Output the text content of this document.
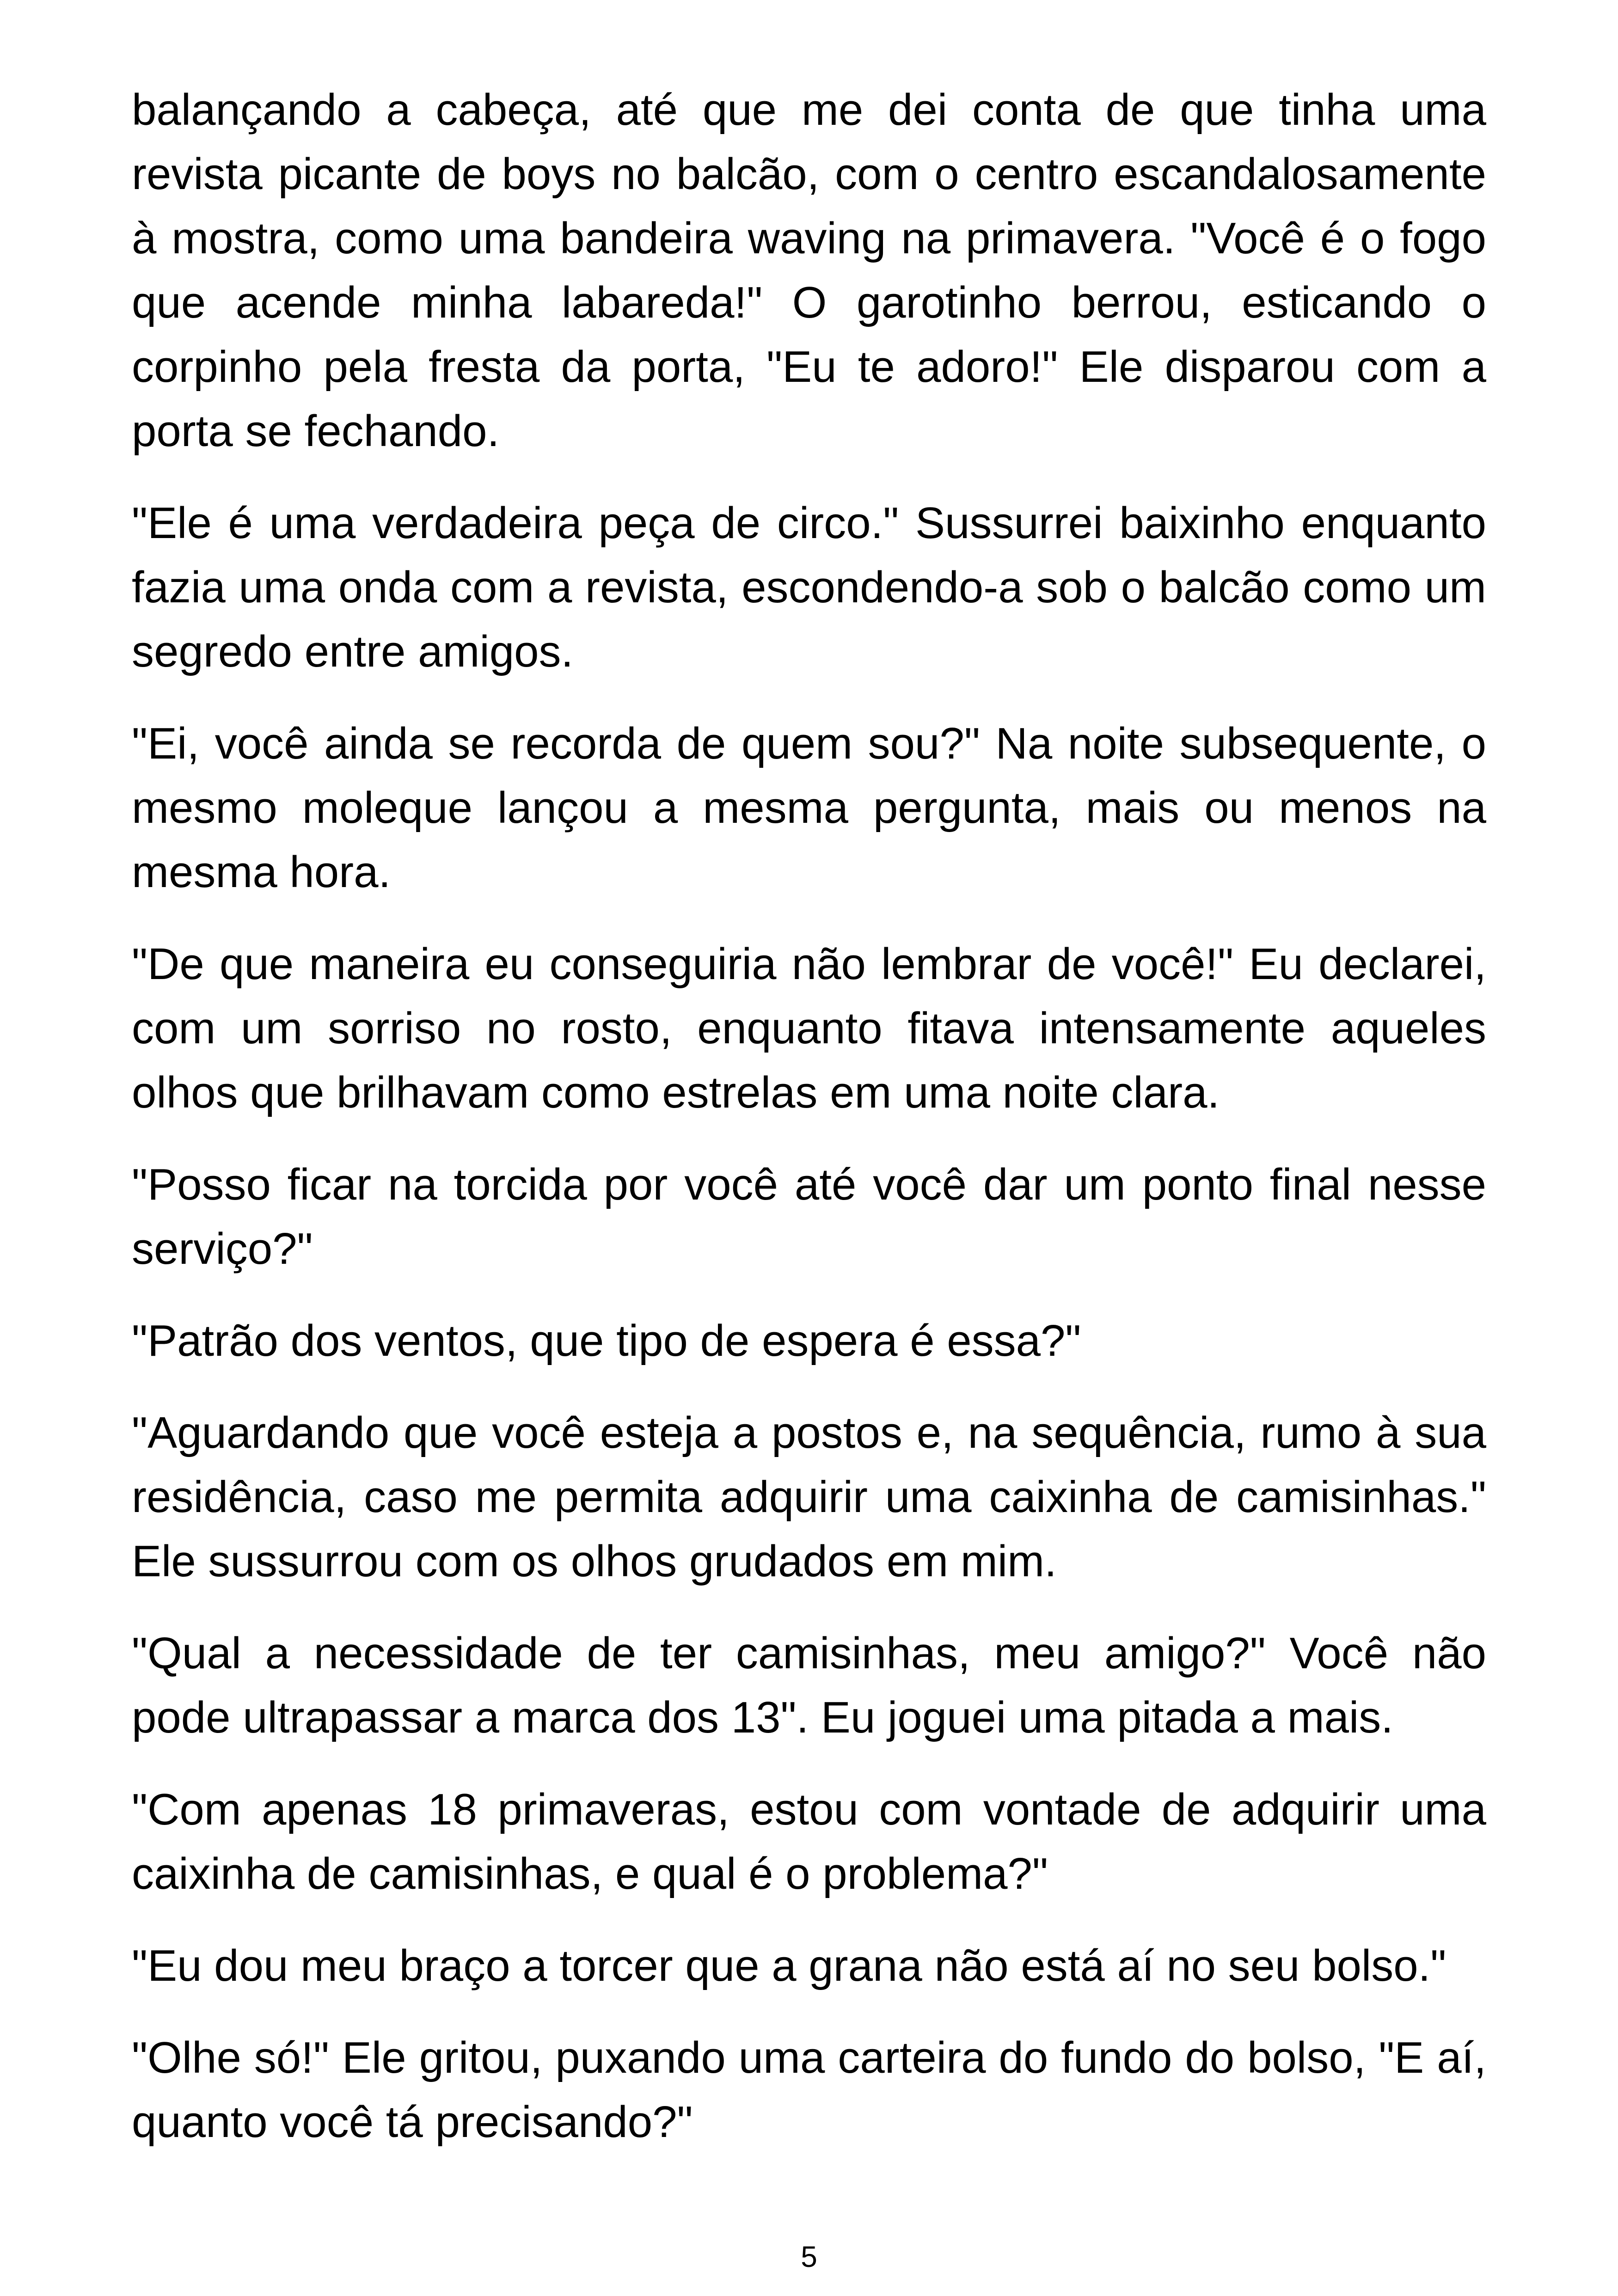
balançando a cabeça, até que me dei conta de que tinha uma revista picante de boys no balcão, com o centro escandalosamente à mostra, como uma bandeira waving na primavera. "Você é o fogo que acende minha labareda!" O garotinho berrou, esticando o corpinho pela fresta da porta, "Eu te adoro!" Ele disparou com a porta se fechando.

"Ele é uma verdadeira peça de circo." Sussurrei baixinho enquanto fazia uma onda com a revista, escondendo-a sob o balcão como um segredo entre amigos.

"Ei, você ainda se recorda de quem sou?" Na noite subsequente, o mesmo moleque lançou a mesma pergunta, mais ou menos na mesma hora.

"De que maneira eu conseguiria não lembrar de você!" Eu declarei, com um sorriso no rosto, enquanto fitava intensamente aqueles olhos que brilhavam como estrelas em uma noite clara.

"Posso ficar na torcida por você até você dar um ponto final nesse serviço?"

"Patrão dos ventos, que tipo de espera é essa?"

"Aguardando que você esteja a postos e, na sequência, rumo à sua residência, caso me permita adquirir uma caixinha de camisinhas." Ele sussurrou com os olhos grudados em mim.

"Qual a necessidade de ter camisinhas, meu amigo?" Você não pode ultrapassar a marca dos 13". Eu joguei uma pitada a mais.

"Com apenas 18 primaveras, estou com vontade de adquirir uma caixinha de camisinhas, e qual é o problema?"

"Eu dou meu braço a torcer que a grana não está aí no seu bolso."

"Olhe só!" Ele gritou, puxando uma carteira do fundo do bolso, "E aí, quanto você tá precisando?"

5
